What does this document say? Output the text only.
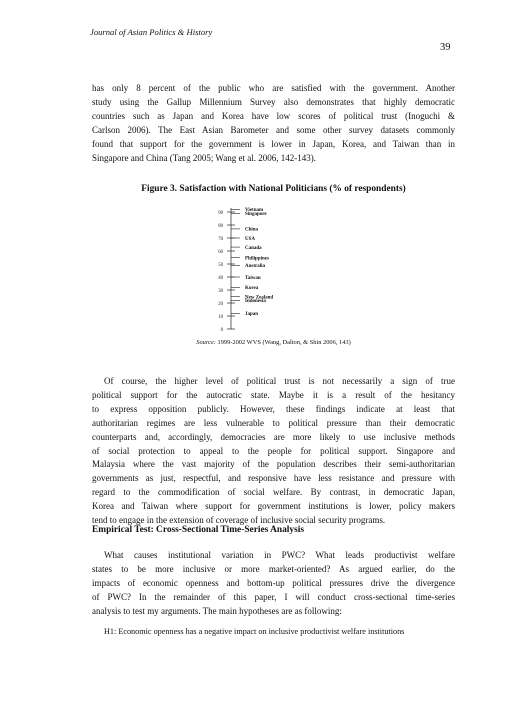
Journal of Asian Politics & History
39
has only 8 percent of the public who are satisfied with the government. Another
study using the Gallup Millennium Survey also demonstrates that highly democratic
countries such as Japan and Korea have low scores of political trust (Inoguchi &
Carlson 2006). The East Asian Barometer and some other survey datasets commonly
found that support for the government is lower in Japan, Korea, and Taiwan than in
Singapore and China (Tang 2005; Wang et al. 2006, 142-143).
Figure 3. Satisfaction with National Politicians (% of respondents)
0
10
20
30
40
50
60
70
80
90
Vietnam
Singapore
China
USA
Canada
Philippines
Australia
Taiwan
Korea
New Zealand
Indonesia
Japan
Source: 1999-2002 WVS (Wang, Dalton, & Shin 2006, 143)
Of course, the higher level of political trust is not necessarily a sign of true
political support for the autocratic state. Maybe it is a result of the hesitancy
to express opposition publicly. However, these findings indicate at least that
authoritarian regimes are less vulnerable to political pressure than their democratic
counterparts and, accordingly, democracies are more likely to use inclusive methods
of social protection to appeal to the people for political support. Singapore and
Malaysia where the vast majority of the population describes their semi-authoritarian
governments as just, respectful, and responsive have less resistance and pressure with
regard to the commodification of social welfare. By contrast, in democratic Japan,
Korea and Taiwan where support for government institutions is lower, policy makers
tend to engage in the extension of coverage of inclusive social security programs.
Empirical Test: Cross-Sectional Time-Series Analysis
What causes institutional variation in PWC? What leads productivist welfare
states to be more inclusive or more market-oriented? As argued earlier, do the
impacts of economic openness and bottom-up political pressures drive the divergence
of PWC? In the remainder of this paper, I will conduct cross-sectional time-series
analysis to test my arguments. The main hypotheses are as following:
H1: Economic openness has a negative impact on inclusive productivist welfare institutions
